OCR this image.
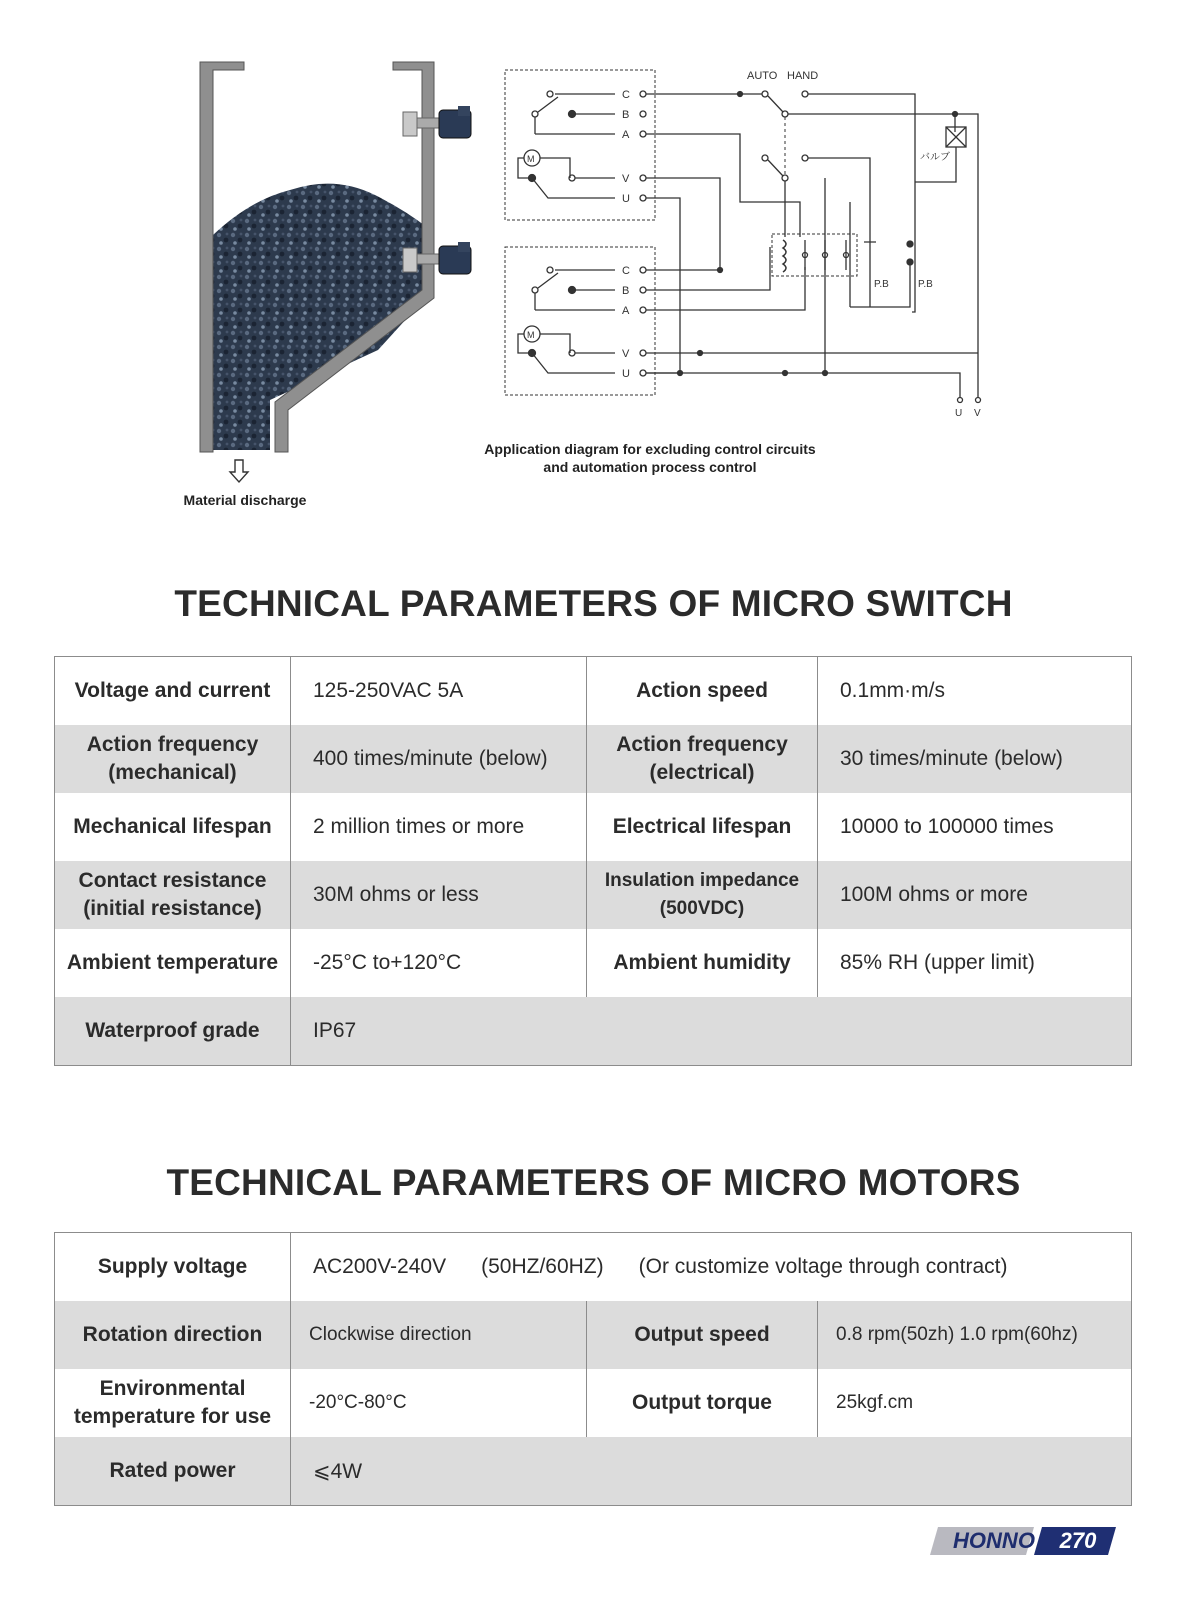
Material discharge
C
B
A
V
U
M
C
B
A
V
U
M
AUTO HAND
P.B	P.B
バルブ
U V
Application diagram for excluding control circuits
and automation process control
TECHNICAL PARAMETERS OF MICRO SWITCH
Voltage and current	125-250VAC 5A	Action speed	0.1mm·m/s
Action frequency (mechanical)	400 times/minute (below)	Action frequency (electrical)	30 times/minute (below)
Mechanical lifespan	2 million times or more	Electrical lifespan	10000 to 100000 times
Contact resistance (initial resistance)	30M ohms or less	Insulation impedance (500VDC)	100M ohms or more
Ambient temperature	-25°C to+120°C	Ambient humidity	85% RH (upper limit)
Waterproof grade	IP67		
TECHNICAL PARAMETERS OF MICRO MOTORS
Supply voltage	AC200V-240V      (50HZ/60HZ)      (Or customize voltage through contract)		
Rotation direction	Clockwise direction	Output speed	0.8 rpm(50zh) 1.0 rpm(60hz)
Environmental temperature for use	-20°C-80°C	Output torque	25kgf.cm
Rated power	⩽4W		
HONNO	270
